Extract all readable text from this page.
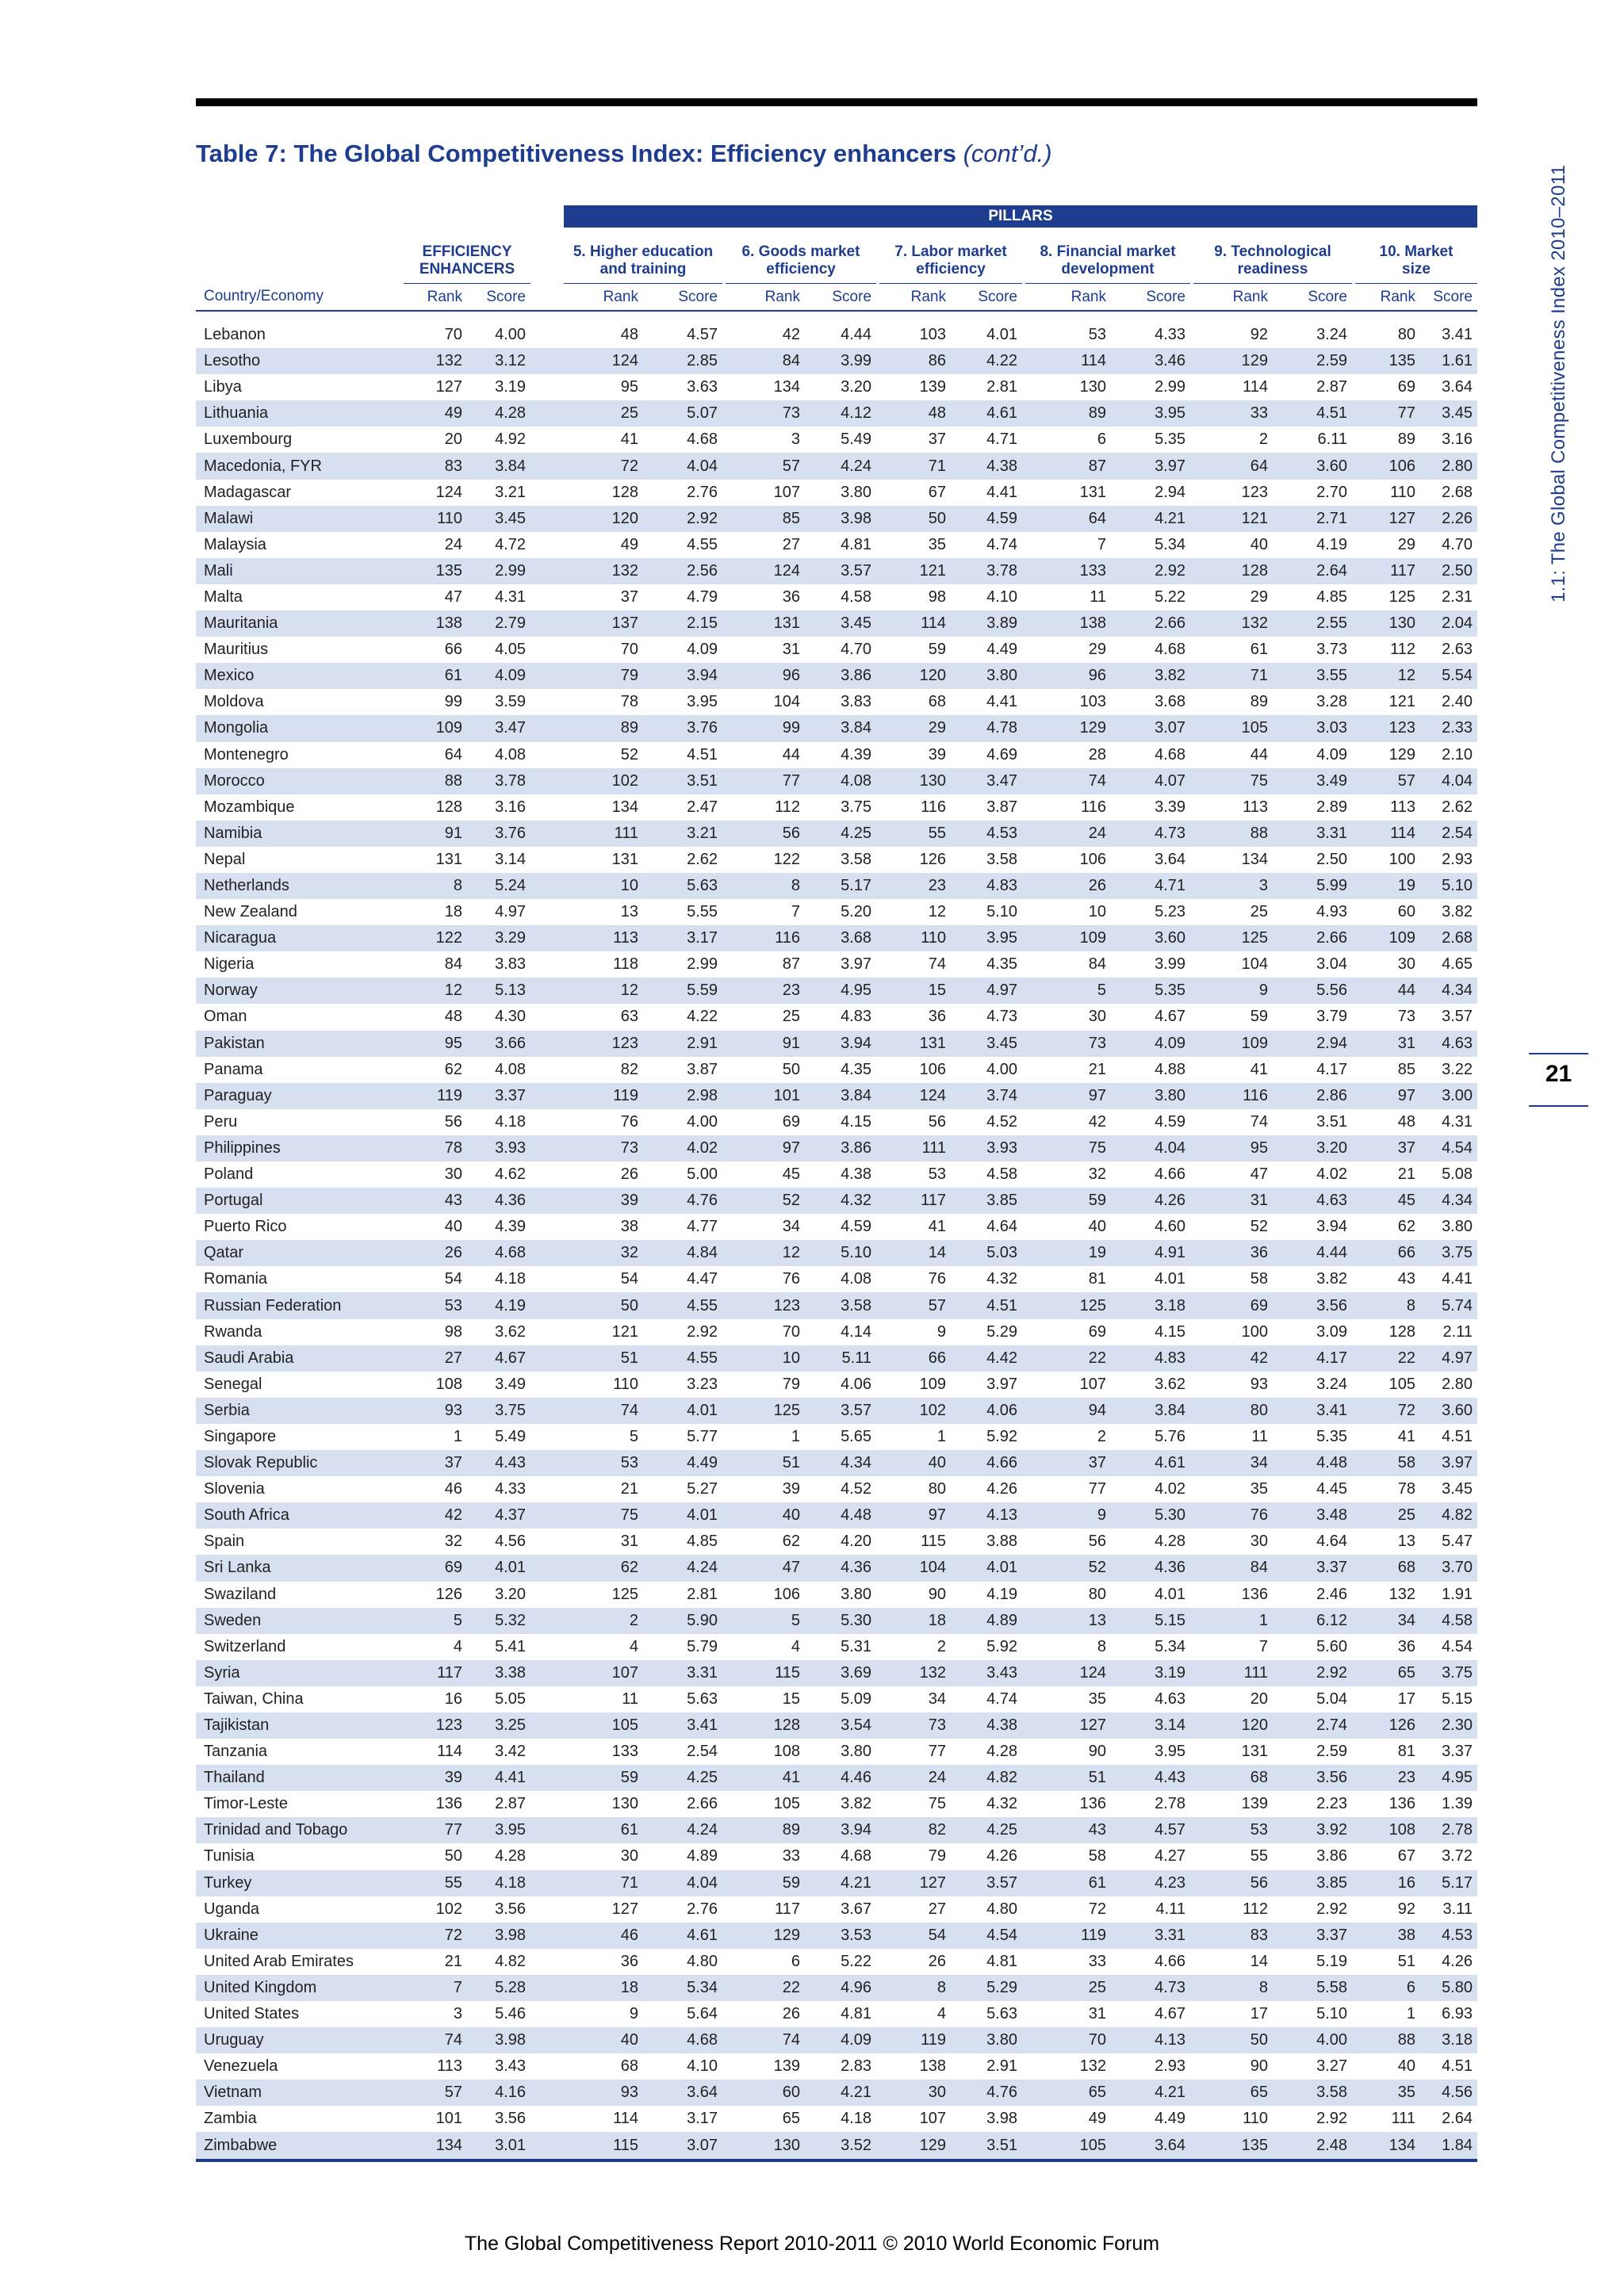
Table 7: The Global Competitiveness Index: Efficiency enhancers (cont’d.)
1.1: The Global Competitiveness Index 2010–2011
21
				PILLARS																
	EFFICIENCY
ENHANCERS			5. Higher education
and training			6. Goods market
efficiency			7. Labor market
efficiency			8. Financial market
development			9. Technological
readiness			10. Market
size	
Country/Economy	Rank	Score		Rank	Score		Rank	Score		Rank	Score		Rank	Score		Rank	Score		Rank	Score

Lebanon	70	4.00		48	4.57		42	4.44		103	4.01		53	4.33		92	3.24		80	3.41
Lesotho	132	3.12		124	2.85		84	3.99		86	4.22		114	3.46		129	2.59		135	1.61
Libya	127	3.19		95	3.63		134	3.20		139	2.81		130	2.99		114	2.87		69	3.64
Lithuania	49	4.28		25	5.07		73	4.12		48	4.61		89	3.95		33	4.51		77	3.45
Luxembourg	20	4.92		41	4.68		3	5.49		37	4.71		6	5.35		2	6.11		89	3.16
Macedonia, FYR	83	3.84		72	4.04		57	4.24		71	4.38		87	3.97		64	3.60		106	2.80
Madagascar	124	3.21		128	2.76		107	3.80		67	4.41		131	2.94		123	2.70		110	2.68
Malawi	110	3.45		120	2.92		85	3.98		50	4.59		64	4.21		121	2.71		127	2.26
Malaysia	24	4.72		49	4.55		27	4.81		35	4.74		7	5.34		40	4.19		29	4.70
Mali	135	2.99		132	2.56		124	3.57		121	3.78		133	2.92		128	2.64		117	2.50
Malta	47	4.31		37	4.79		36	4.58		98	4.10		11	5.22		29	4.85		125	2.31
Mauritania	138	2.79		137	2.15		131	3.45		114	3.89		138	2.66		132	2.55		130	2.04
Mauritius	66	4.05		70	4.09		31	4.70		59	4.49		29	4.68		61	3.73		112	2.63
Mexico	61	4.09		79	3.94		96	3.86		120	3.80		96	3.82		71	3.55		12	5.54
Moldova	99	3.59		78	3.95		104	3.83		68	4.41		103	3.68		89	3.28		121	2.40
Mongolia	109	3.47		89	3.76		99	3.84		29	4.78		129	3.07		105	3.03		123	2.33
Montenegro	64	4.08		52	4.51		44	4.39		39	4.69		28	4.68		44	4.09		129	2.10
Morocco	88	3.78		102	3.51		77	4.08		130	3.47		74	4.07		75	3.49		57	4.04
Mozambique	128	3.16		134	2.47		112	3.75		116	3.87		116	3.39		113	2.89		113	2.62
Namibia	91	3.76		111	3.21		56	4.25		55	4.53		24	4.73		88	3.31		114	2.54
Nepal	131	3.14		131	2.62		122	3.58		126	3.58		106	3.64		134	2.50		100	2.93
Netherlands	8	5.24		10	5.63		8	5.17		23	4.83		26	4.71		3	5.99		19	5.10
New Zealand	18	4.97		13	5.55		7	5.20		12	5.10		10	5.23		25	4.93		60	3.82
Nicaragua	122	3.29		113	3.17		116	3.68		110	3.95		109	3.60		125	2.66		109	2.68
Nigeria	84	3.83		118	2.99		87	3.97		74	4.35		84	3.99		104	3.04		30	4.65
Norway	12	5.13		12	5.59		23	4.95		15	4.97		5	5.35		9	5.56		44	4.34
Oman	48	4.30		63	4.22		25	4.83		36	4.73		30	4.67		59	3.79		73	3.57
Pakistan	95	3.66		123	2.91		91	3.94		131	3.45		73	4.09		109	2.94		31	4.63
Panama	62	4.08		82	3.87		50	4.35		106	4.00		21	4.88		41	4.17		85	3.22
Paraguay	119	3.37		119	2.98		101	3.84		124	3.74		97	3.80		116	2.86		97	3.00
Peru	56	4.18		76	4.00		69	4.15		56	4.52		42	4.59		74	3.51		48	4.31
Philippines	78	3.93		73	4.02		97	3.86		111	3.93		75	4.04		95	3.20		37	4.54
Poland	30	4.62		26	5.00		45	4.38		53	4.58		32	4.66		47	4.02		21	5.08
Portugal	43	4.36		39	4.76		52	4.32		117	3.85		59	4.26		31	4.63		45	4.34
Puerto Rico	40	4.39		38	4.77		34	4.59		41	4.64		40	4.60		52	3.94		62	3.80
Qatar	26	4.68		32	4.84		12	5.10		14	5.03		19	4.91		36	4.44		66	3.75
Romania	54	4.18		54	4.47		76	4.08		76	4.32		81	4.01		58	3.82		43	4.41
Russian Federation	53	4.19		50	4.55		123	3.58		57	4.51		125	3.18		69	3.56		8	5.74
Rwanda	98	3.62		121	2.92		70	4.14		9	5.29		69	4.15		100	3.09		128	2.11
Saudi Arabia	27	4.67		51	4.55		10	5.11		66	4.42		22	4.83		42	4.17		22	4.97
Senegal	108	3.49		110	3.23		79	4.06		109	3.97		107	3.62		93	3.24		105	2.80
Serbia	93	3.75		74	4.01		125	3.57		102	4.06		94	3.84		80	3.41		72	3.60
Singapore	1	5.49		5	5.77		1	5.65		1	5.92		2	5.76		11	5.35		41	4.51
Slovak Republic	37	4.43		53	4.49		51	4.34		40	4.66		37	4.61		34	4.48		58	3.97
Slovenia	46	4.33		21	5.27		39	4.52		80	4.26		77	4.02		35	4.45		78	3.45
South Africa	42	4.37		75	4.01		40	4.48		97	4.13		9	5.30		76	3.48		25	4.82
Spain	32	4.56		31	4.85		62	4.20		115	3.88		56	4.28		30	4.64		13	5.47
Sri Lanka	69	4.01		62	4.24		47	4.36		104	4.01		52	4.36		84	3.37		68	3.70
Swaziland	126	3.20		125	2.81		106	3.80		90	4.19		80	4.01		136	2.46		132	1.91
Sweden	5	5.32		2	5.90		5	5.30		18	4.89		13	5.15		1	6.12		34	4.58
Switzerland	4	5.41		4	5.79		4	5.31		2	5.92		8	5.34		7	5.60		36	4.54
Syria	117	3.38		107	3.31		115	3.69		132	3.43		124	3.19		111	2.92		65	3.75
Taiwan, China	16	5.05		11	5.63		15	5.09		34	4.74		35	4.63		20	5.04		17	5.15
Tajikistan	123	3.25		105	3.41		128	3.54		73	4.38		127	3.14		120	2.74		126	2.30
Tanzania	114	3.42		133	2.54		108	3.80		77	4.28		90	3.95		131	2.59		81	3.37
Thailand	39	4.41		59	4.25		41	4.46		24	4.82		51	4.43		68	3.56		23	4.95
Timor-Leste	136	2.87		130	2.66		105	3.82		75	4.32		136	2.78		139	2.23		136	1.39
Trinidad and Tobago	77	3.95		61	4.24		89	3.94		82	4.25		43	4.57		53	3.92		108	2.78
Tunisia	50	4.28		30	4.89		33	4.68		79	4.26		58	4.27		55	3.86		67	3.72
Turkey	55	4.18		71	4.04		59	4.21		127	3.57		61	4.23		56	3.85		16	5.17
Uganda	102	3.56		127	2.76		117	3.67		27	4.80		72	4.11		112	2.92		92	3.11
Ukraine	72	3.98		46	4.61		129	3.53		54	4.54		119	3.31		83	3.37		38	4.53
United Arab Emirates	21	4.82		36	4.80		6	5.22		26	4.81		33	4.66		14	5.19		51	4.26
United Kingdom	7	5.28		18	5.34		22	4.96		8	5.29		25	4.73		8	5.58		6	5.80
United States	3	5.46		9	5.64		26	4.81		4	5.63		31	4.67		17	5.10		1	6.93
Uruguay	74	3.98		40	4.68		74	4.09		119	3.80		70	4.13		50	4.00		88	3.18
Venezuela	113	3.43		68	4.10		139	2.83		138	2.91		132	2.93		90	3.27		40	4.51
Vietnam	57	4.16		93	3.64		60	4.21		30	4.76		65	4.21		65	3.58		35	4.56
Zambia	101	3.56		114	3.17		65	4.18		107	3.98		49	4.49		110	2.92		111	2.64
Zimbabwe	134	3.01		115	3.07		130	3.52		129	3.51		105	3.64		135	2.48		134	1.84
The Global Competitiveness Report 2010-2011 © 2010 World Economic Forum
